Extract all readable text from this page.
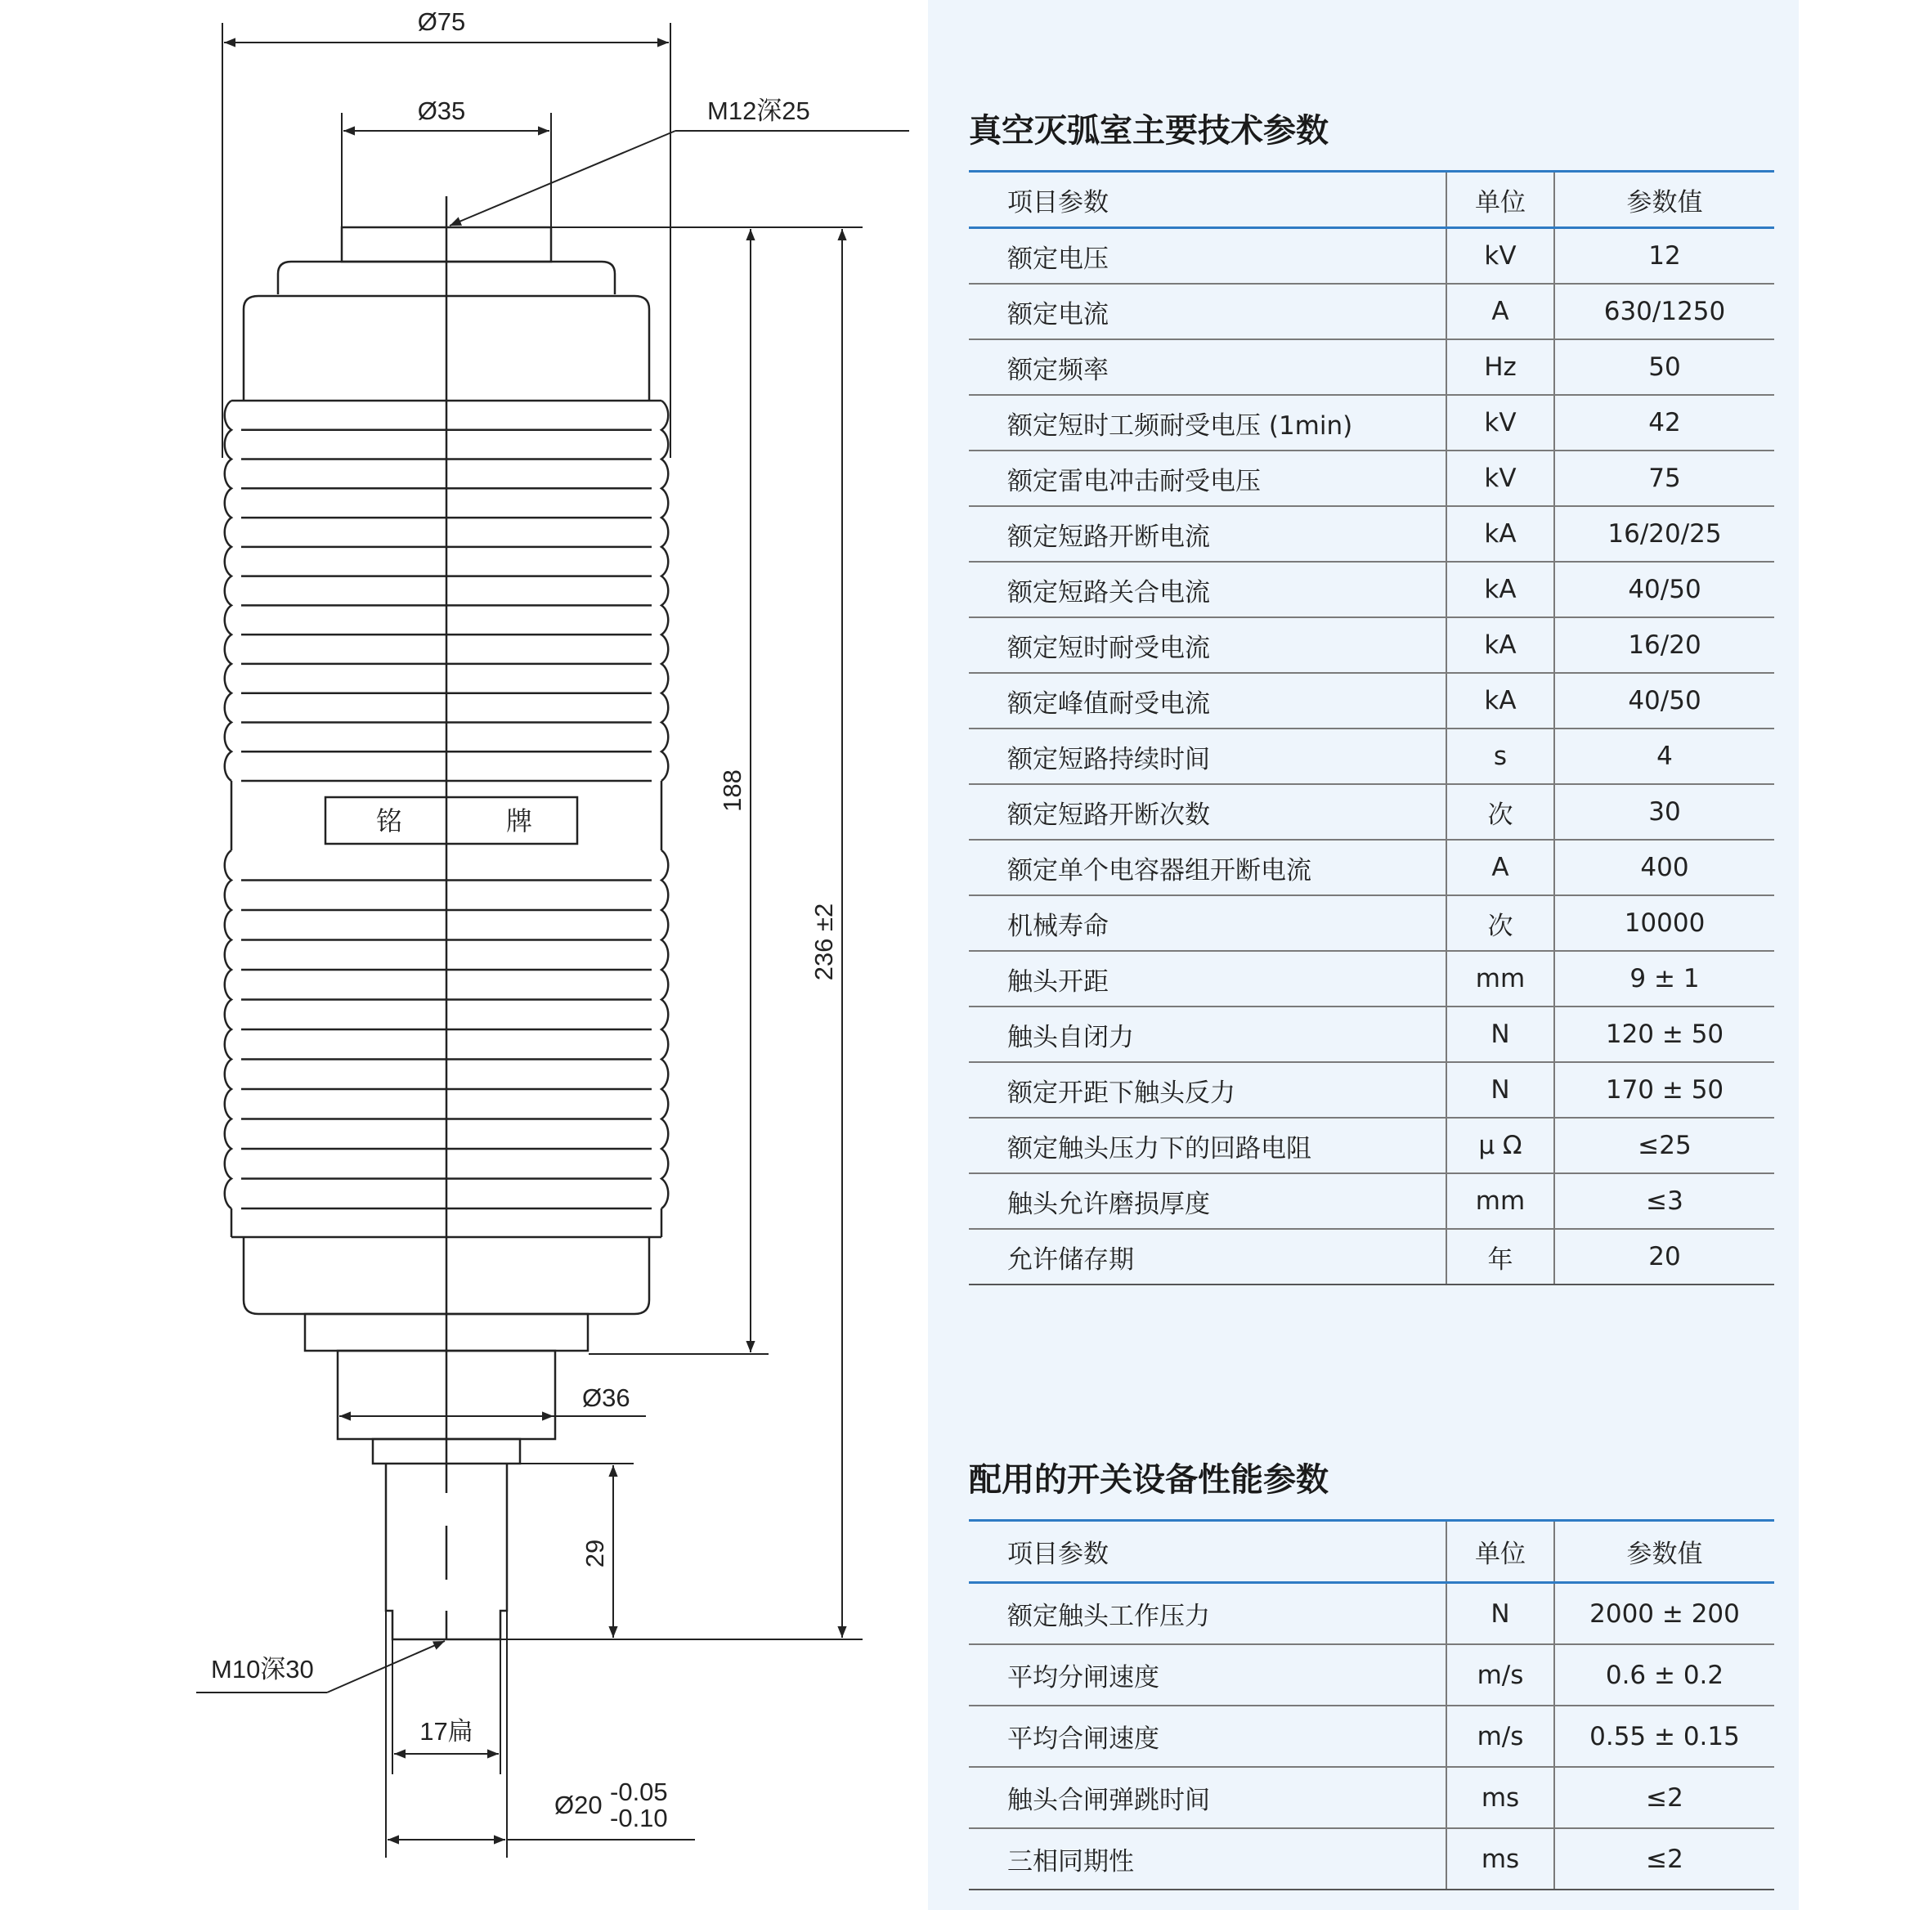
Ø75
Ø35	M12深25
188
236 ±2
铭	牌
Ø36
29
M10深30
17扁
Ø20 -0.05
-0.10
真空灭弧室主要技术参数
项目参数	单位	参数值
额定电压	kV	12
额定电流	A	630/1250
额定频率	Hz	50
额定短时工频耐受电压 (1min)	kV	42
额定雷电冲击耐受电压	kV	75
额定短路开断电流	kA	16/20/25
额定短路关合电流	kA	40/50
额定短时耐受电流	kA	16/20
额定峰值耐受电流	kA	40/50
额定短路持续时间	s	4
额定短路开断次数	次	30
额定单个电容器组开断电流	A	400
机械寿命	次	10000
触头开距	mm	9 ± 1
触头自闭力	N	120 ± 50
额定开距下触头反力	N	170 ± 50
额定触头压力下的回路电阻	μ Ω	≤25
触头允许磨损厚度	mm	≤3
允许储存期	年	20
配用的开关设备性能参数
项目参数	单位	参数值
额定触头工作压力	N	2000 ± 200
平均分闸速度	m/s	0.6 ± 0.2
平均合闸速度	m/s	0.55 ± 0.15
触头合闸弹跳时间	ms	≤2
三相同期性	ms	≤2
